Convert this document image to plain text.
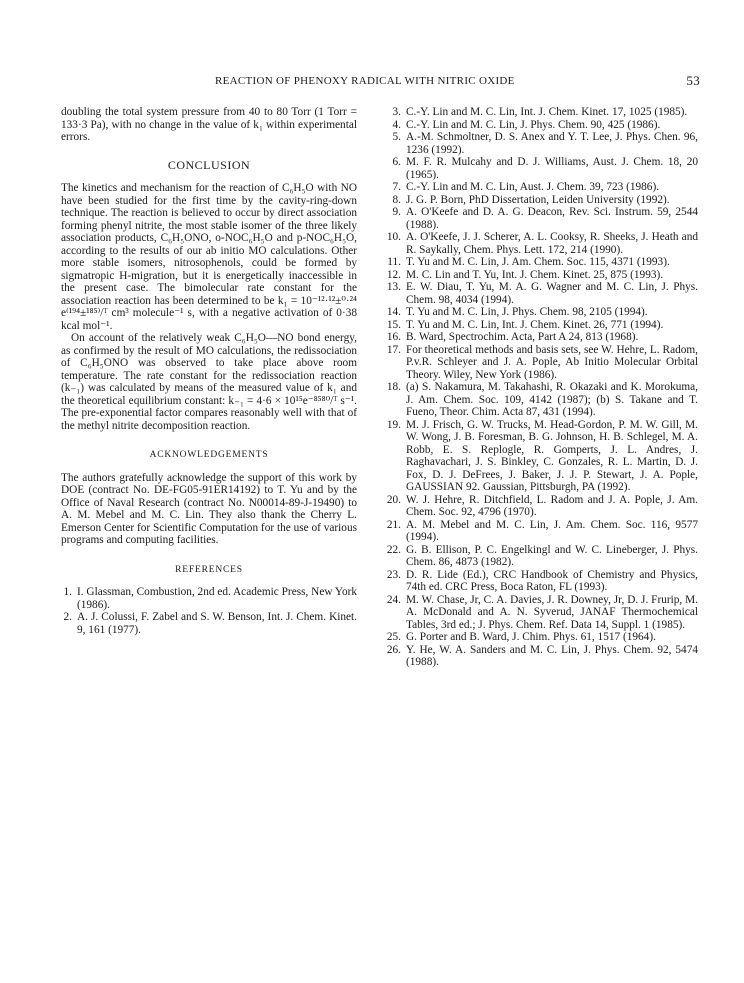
REACTION OF PHENOXY RADICAL WITH NITRIC OXIDE	53

doubling the total system pressure from 40 to 80 Torr (1 Torr = 133·3 Pa), with no change in the value of k₁ within experimental errors.

CONCLUSION

The kinetics and mechanism for the reaction of C₆H₅O with NO have been studied for the first time by the cavity-ring-down technique. The reaction is believed to occur by direct association forming phenyl nitrite, the most stable isomer of the three likely association products, C₆H₅ONO, o-NOC₆H₅O and p-NOC₆H₅O, according to the results of our ab initio MO calculations. Other more stable isomers, nitrosophenols, could be formed by sigmatropic H-migration, but it is energetically inaccessible in the present case. The bimolecular rate constant for the association reaction has been determined to be k₁ = 10⁻¹²·¹²±⁰·²⁴ e⁽¹⁹⁴±¹⁸⁵⁾/ᵀ cm³ molecule⁻¹ s, with a negative activation of 0·38 kcal mol⁻¹.

On account of the relatively weak C₆H₅O—NO bond energy, as confirmed by the result of MO calculations, the redissociation of C₆H₅ONO was observed to take place above room temperature. The rate constant for the redissociation reaction (k₋₁) was calculated by means of the measured value of k₁ and the theoretical equilibrium constant: k₋₁ = 4·6 × 10¹⁵e⁻⁸⁵⁸⁰/ᵀ s⁻¹. The pre-exponential factor compares reasonably well with that of the methyl nitrite decomposition reaction.

ACKNOWLEDGEMENTS

The authors gratefully acknowledge the support of this work by DOE (contract No. DE-FG05-91ER14192) to T. Yu and by the Office of Naval Research (contract No. N00014-89-J-19490) to A. M. Mebel and M. C. Lin. They also thank the Cherry L. Emerson Center for Scientific Computation for the use of various programs and computing facilities.

REFERENCES
1. I. Glassman, Combustion, 2nd ed. Academic Press, New York (1986).
2. A. J. Colussi, F. Zabel and S. W. Benson, Int. J. Chem. Kinet. 9, 161 (1977).
3. C.-Y. Lin and M. C. Lin, Int. J. Chem. Kinet. 17, 1025 (1985).
4. C.-Y. Lin and M. C. Lin, J. Phys. Chem. 90, 425 (1986).
5. A.-M. Schmoltner, D. S. Anex and Y. T. Lee, J. Phys. Chen. 96, 1236 (1992).
6. M. F. R. Mulcahy and D. J. Williams, Aust. J. Chem. 18, 20 (1965).
7. C.-Y. Lin and M. C. Lin, Aust. J. Chem. 39, 723 (1986).
8. J. G. P. Born, PhD Dissertation, Leiden University (1992).
9. A. O'Keefe and D. A. G. Deacon, Rev. Sci. Instrum. 59, 2544 (1988).
10. A. O'Keefe, J. J. Scherer, A. L. Cooksy, R. Sheeks, J. Heath and R. Saykally, Chem. Phys. Lett. 172, 214 (1990).
11. T. Yu and M. C. Lin, J. Am. Chem. Soc. 115, 4371 (1993).
12. M. C. Lin and T. Yu, Int. J. Chem. Kinet. 25, 875 (1993).
13. E. W. Diau, T. Yu, M. A. G. Wagner and M. C. Lin, J. Phys. Chem. 98, 4034 (1994).
14. T. Yu and M. C. Lin, J. Phys. Chem. 98, 2105 (1994).
15. T. Yu and M. C. Lin, Int. J. Chem. Kinet. 26, 771 (1994).
16. B. Ward, Spectrochim. Acta, Part A 24, 813 (1968).
17. For theoretical methods and basis sets, see W. Hehre, L. Radom, P.v.R. Schleyer and J. A. Pople, Ab Initio Molecular Orbital Theory. Wiley, New York (1986).
18. (a) S. Nakamura, M. Takahashi, R. Okazaki and K. Morokuma, J. Am. Chem. Soc. 109, 4142 (1987); (b) S. Takane and T. Fueno, Theor. Chim. Acta 87, 431 (1994).
19. M. J. Frisch, G. W. Trucks, M. Head-Gordon, P. M. W. Gill, M. W. Wong, J. B. Foresman, B. G. Johnson, H. B. Schlegel, M. A. Robb, E. S. Replogle, R. Gomperts, J. L. Andres, J. Raghavachari, J. S. Binkley, C. Gonzales, R. L. Martin, D. J. Fox, D. J. DeFrees, J. Baker, J. J. P. Stewart, J. A. Pople, GAUSSIAN 92. Gaussian, Pittsburgh, PA (1992).
20. W. J. Hehre, R. Ditchfield, L. Radom and J. A. Pople, J. Am. Chem. Soc. 92, 4796 (1970).
21. A. M. Mebel and M. C. Lin, J. Am. Chem. Soc. 116, 9577 (1994).
22. G. B. Ellison, P. C. Engelkingl and W. C. Lineberger, J. Phys. Chem. 86, 4873 (1982).
23. D. R. Lide (Ed.), CRC Handbook of Chemistry and Physics, 74th ed. CRC Press, Boca Raton, FL (1993).
24. M. W. Chase, Jr, C. A. Davies, J. R. Downey, Jr, D. J. Frurip, M. A. McDonald and A. N. Syverud, JANAF Thermochemical Tables, 3rd ed.; J. Phys. Chem. Ref. Data 14, Suppl. 1 (1985).
25. G. Porter and B. Ward, J. Chim. Phys. 61, 1517 (1964).
26. Y. He, W. A. Sanders and M. C. Lin, J. Phys. Chem. 92, 5474 (1988).
